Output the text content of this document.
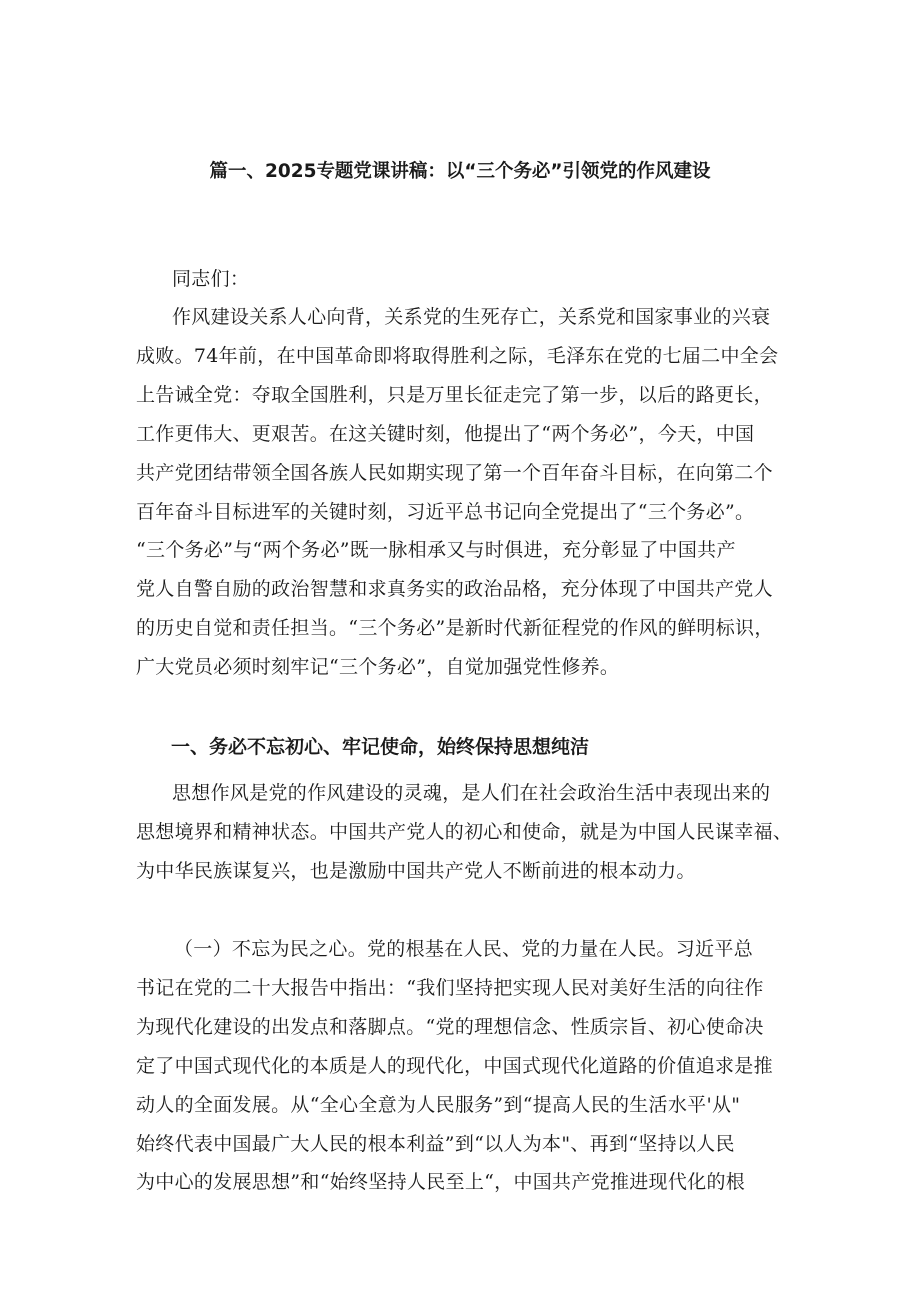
篇一、2025专题党课讲稿：以“三个务必”引领党的作风建设
同志们：
作风建设关系人心向背，关系党的生死存亡，关系党和国家事业的兴衰
成败。74年前，在中国革命即将取得胜利之际，毛泽东在党的七届二中全会
上告诫全党：夺取全国胜利，只是万里长征走完了第一步，以后的路更长，
工作更伟大、更艰苦。在这关键时刻，他提出了“两个务必”，今天，中国
共产党团结带领全国各族人民如期实现了第一个百年奋斗目标，在向第二个
百年奋斗目标进军的关键时刻，习近平总书记向全党提出了“三个务必”。
“三个务必”与“两个务必”既一脉相承又与时俱进，充分彰显了中国共产
党人自警自励的政治智慧和求真务实的政治品格，充分体现了中国共产党人
的历史自觉和责任担当。“三个务必”是新时代新征程党的作风的鲜明标识，
广大党员必须时刻牢记“三个务必”，自觉加强党性修养。
一、务必不忘初心、牢记使命，始终保持思想纯洁
思想作风是党的作风建设的灵魂，是人们在社会政治生活中表现出来的
思想境界和精神状态。中国共产党人的初心和使命，就是为中国人民谋幸福、
为中华民族谋复兴，也是激励中国共产党人不断前进的根本动力。
（一）不忘为民之心。党的根基在人民、党的力量在人民。习近平总
书记在党的二十大报告中指出：“我们坚持把实现人民对美好生活的向往作
为现代化建设的出发点和落脚点。“党的理想信念、性质宗旨、初心使命决
定了中国式现代化的本质是人的现代化，中国式现代化道路的价值追求是推
动人的全面发展。从“全心全意为人民服务”到“提高人民的生活水平'从"
始终代表中国最广大人民的根本利益”到“以人为本"、再到“坚持以人民
为中心的发展思想”和“始终坚持人民至上“，中国共产党推进现代化的根
